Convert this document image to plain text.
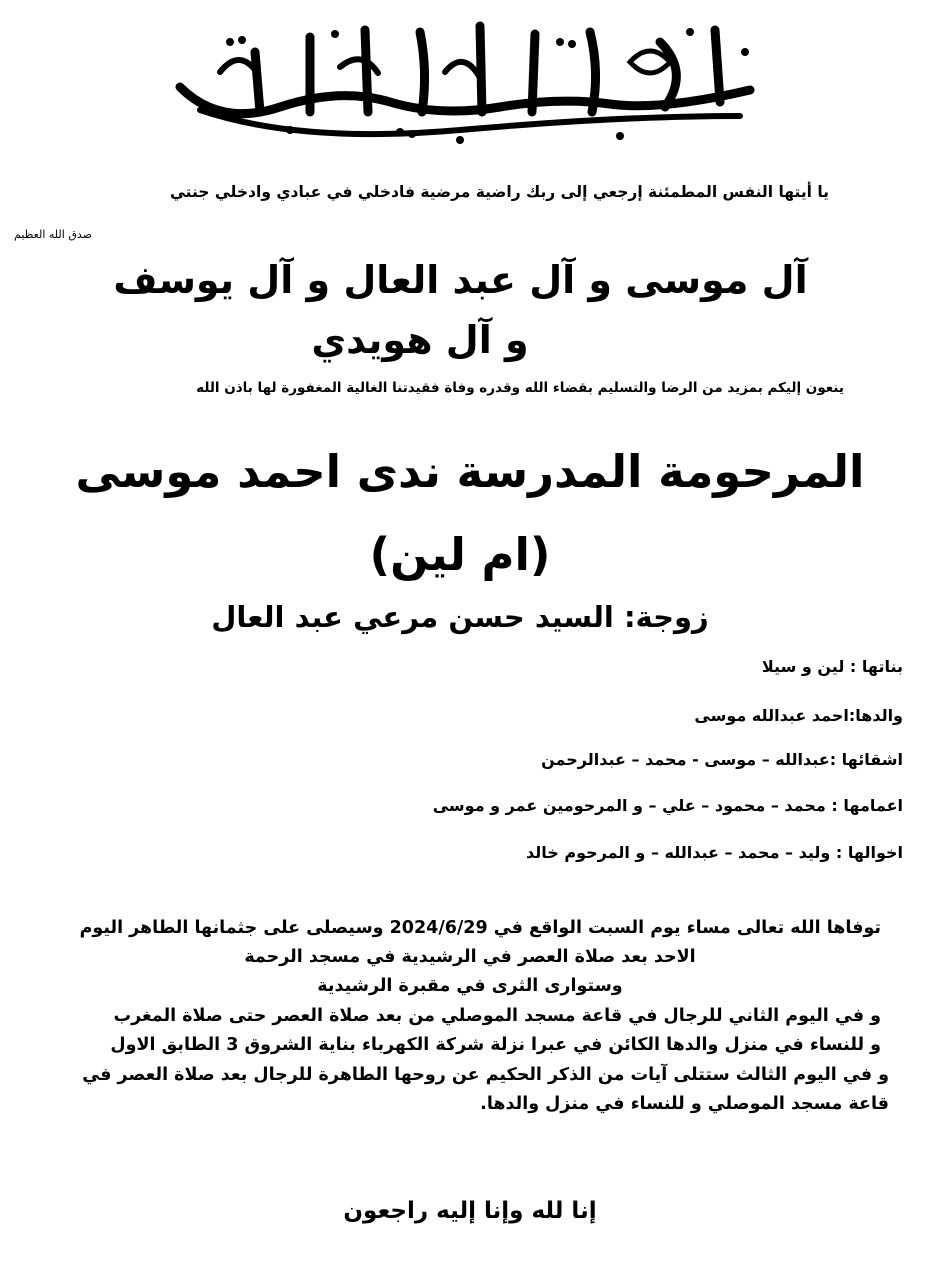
يا أيتها النفس المطمئنة إرجعي إلى ربك راضية مرضية فادخلي في عبادي وادخلي جنتي
صدق الله العظيم
آل موسى و آل عبد العال و آل يوسف
و آل هويدي
ينعون إليكم بمزيد من الرضا والتسليم بقضاء الله وقدره وفاة فقيدتنا الغالية المغفورة لها باذن الله
المرحومة المدرسة ندى احمد موسى
(ام لين)
زوجة: السيد حسن مرعي عبد العال
بناتها : لين و سيلا
والدها:احمد عبدالله موسى
اشقائها :عبدالله – موسى - محمد – عبدالرحمن
اعمامها : محمد – محمود – علي – و المرحومين عمر و موسى
اخوالها : وليد – محمد – عبدالله – و المرحوم خالد
توفاها الله تعالى مساء يوم السبت الواقع في 2024/6/29 وسيصلى على جثمانها الطاهر اليوم
الاحد بعد صلاة العصر في الرشيدية في مسجد الرحمة
وستوارى الثرى في مقبرة الرشيدية
و في اليوم الثاني للرجال في قاعة مسجد الموصلي من بعد صلاة العصر حتى صلاة المغرب
و للنساء في منزل والدها الكائن في عبرا نزلة شركة الكهرباء بناية الشروق 3 الطابق الاول
و في اليوم الثالث ستتلى آيات من الذكر الحكيم عن روحها الطاهرة للرجال بعد صلاة العصر في
قاعة مسجد الموصلي و للنساء في منزل والدها.
إنا لله وإنا إليه راجعون
